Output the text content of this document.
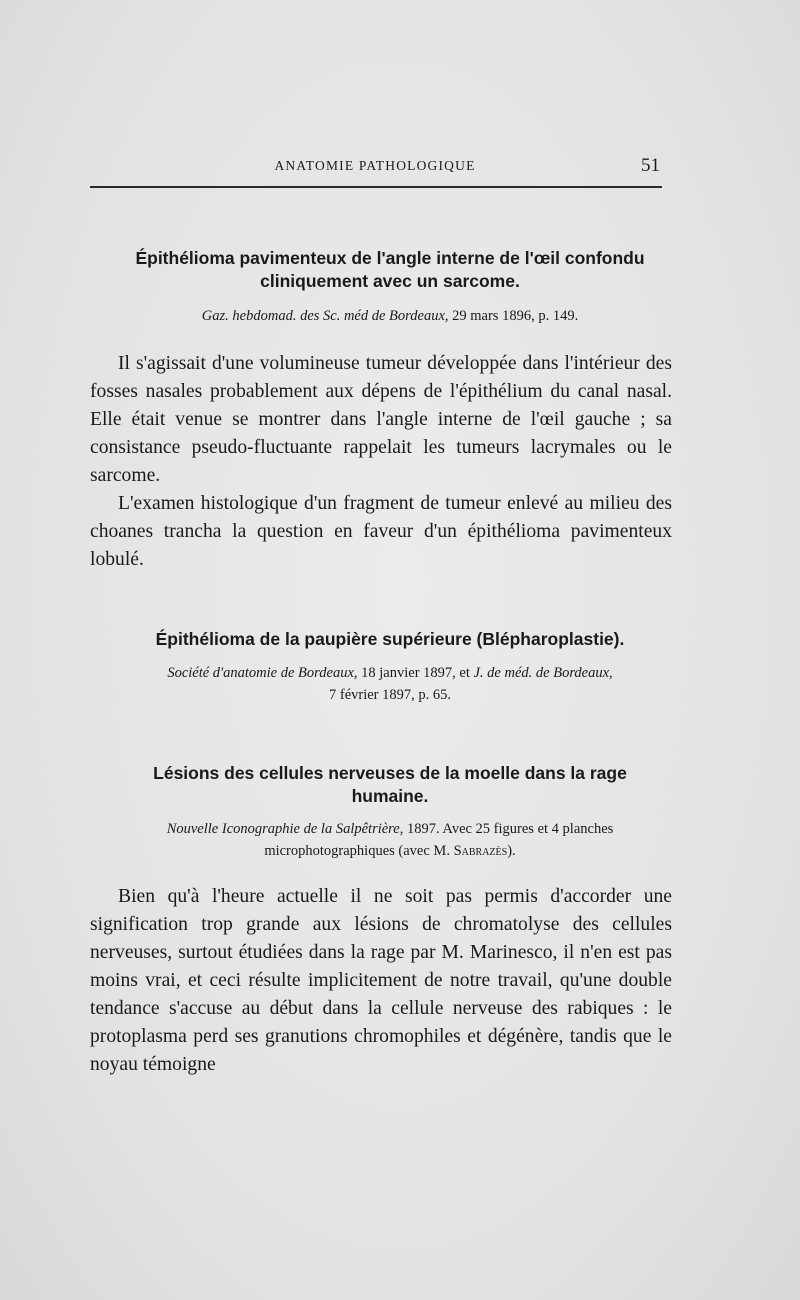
ANATOMIE PATHOLOGIQUE	51
Épithélioma pavimenteux de l'angle interne de l'œil confondu
cliniquement avec un sarcome.
Gaz. hebdomad. des Sc. méd de Bordeaux, 29 mars 1896, p. 149.

Il s'agissait d'une volumineuse tumeur développée dans l'intérieur des fosses nasales probablement aux dépens de l'épithélium du canal nasal. Elle était venue se montrer dans l'angle interne de l'œil gauche ; sa consistance pseudo-fluctuante rappelait les tumeurs lacrymales ou le sarcome.

L'examen histologique d'un fragment de tumeur enlevé au milieu des choanes trancha la question en faveur d'un épithélioma pavimenteux lobulé.

Épithélioma de la paupière supérieure (Blépharoplastie).
Société d'anatomie de Bordeaux, 18 janvier 1897, et J. de méd. de Bordeaux,
7 février 1897, p. 65.
Lésions des cellules nerveuses de la moelle dans la rage
humaine.
Nouvelle Iconographie de la Salpêtrière, 1897. Avec 25 figures et 4 planches
microphotographiques (avec M. Sabrazès).

Bien qu'à l'heure actuelle il ne soit pas permis d'accorder une signification trop grande aux lésions de chromatolyse des cellules nerveuses, surtout étudiées dans la rage par M. Marinesco, il n'en est pas moins vrai, et ceci résulte implicitement de notre travail, qu'une double tendance s'accuse au début dans la cellule nerveuse des rabiques : le protoplasma perd ses granutions chromophiles et dégénère, tandis que le noyau témoigne
